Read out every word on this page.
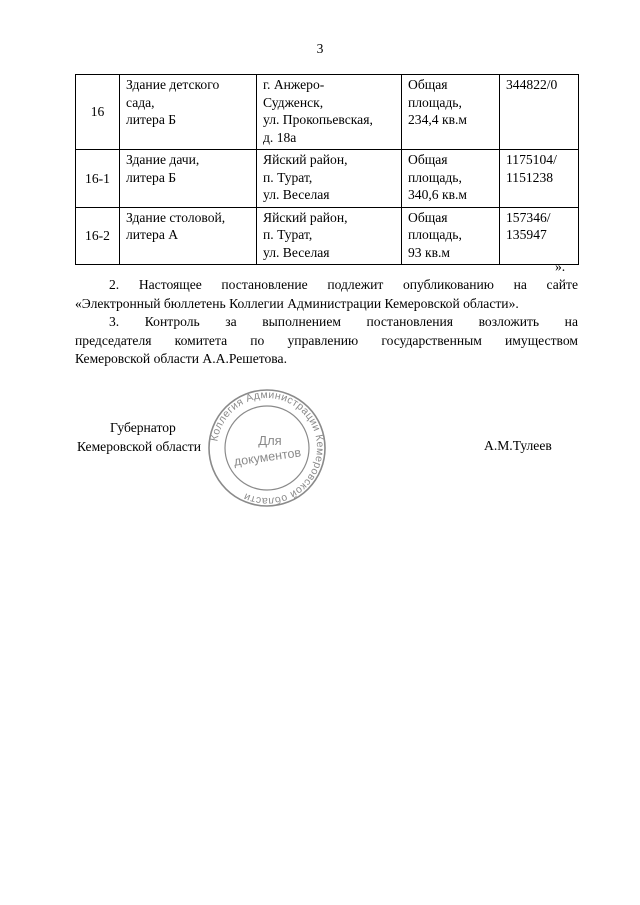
3
16	Здание детского
сада,
литера Б	г. Анжеро-
Судженск,
ул. Прокопьевская,
д. 18а	Общая
площадь,
234,4 кв.м	344822/0

16-1	Здание дачи,
литера Б	Яйский район,
п. Турат,
ул. Веселая	Общая
площадь,
340,6 кв.м	1175104/
1151238

16-2	Здание столовой,
литера А	Яйский район,
п. Турат,
ул. Веселая	Общая
площадь,
93 кв.м	157346/
135947
».
2. Настоящее постановление подлежит опубликованию на сайте
«Электронный бюллетень Коллегии Администрации Кемеровской области».
3. Контроль за выполнением постановления возложить на
председателя комитета по управлению государственным имуществом
Кемеровской области А.А.Решетова.
Губернатор
Кемеровской области	А.М.Тулеев
Коллегия Администрации Кемеровской области
Для
документов
